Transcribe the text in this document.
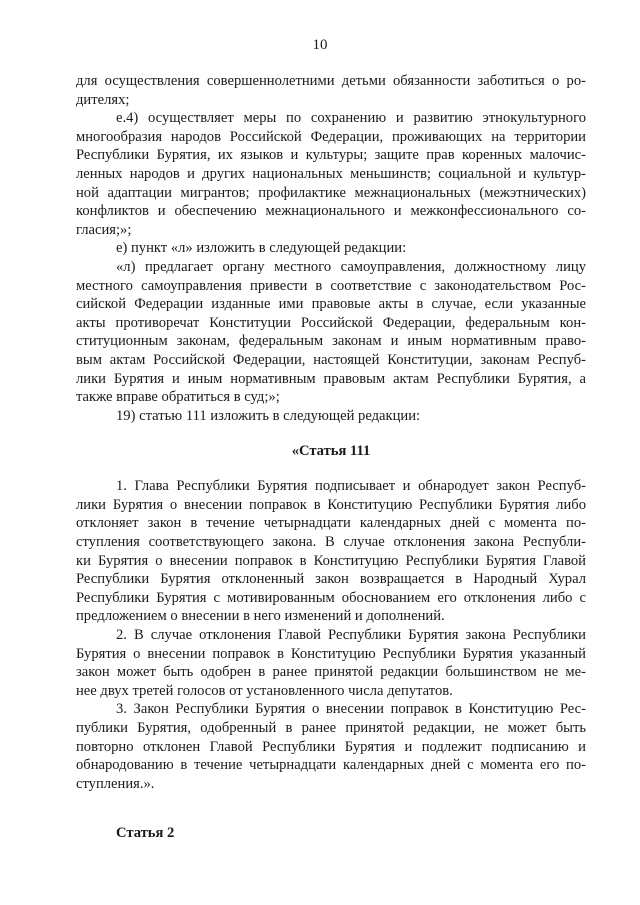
10
для осуществления совершеннолетними детьми обязанности заботиться о ро-
дителях;
е.4) осуществляет меры по сохранению и развитию этнокультурного
многообразия народов Российской Федерации, проживающих на территории
Республики Бурятия, их языков и культуры; защите прав коренных малочис-
ленных народов и других национальных меньшинств; социальной и культур-
ной адаптации мигрантов; профилактике межнациональных (межэтнических)
конфликтов и обеспечению межнационального и межконфессионального со-
гласия;»;
е) пункт «л» изложить в следующей редакции:
«л) предлагает органу местного самоуправления, должностному лицу
местного самоуправления привести в соответствие с законодательством Рос-
сийской Федерации изданные ими правовые акты в случае, если указанные
акты противоречат Конституции Российской Федерации, федеральным кон-
ституционным законам, федеральным законам и иным нормативным право-
вым актам Российской Федерации, настоящей Конституции, законам Респуб-
лики Бурятия и иным нормативным правовым актам Республики Бурятия, а
также вправе обратиться в суд;»;
19) статью 111 изложить в следующей редакции:
«Статья 111
1. Глава Республики Бурятия подписывает и обнародует закон Респуб-
лики Бурятия о внесении поправок в Конституцию Республики Бурятия либо
отклоняет закон в течение четырнадцати календарных дней с момента по-
ступления соответствующего закона. В случае отклонения закона Республи-
ки Бурятия о внесении поправок в Конституцию Республики Бурятия Главой
Республики Бурятия отклоненный закон возвращается в Народный Хурал
Республики Бурятия с мотивированным обоснованием его отклонения либо с
предложением о внесении в него изменений и дополнений.
2. В случае отклонения Главой Республики Бурятия закона Республики
Бурятия о внесении поправок в Конституцию Республики Бурятия указанный
закон может быть одобрен в ранее принятой редакции большинством не ме-
нее двух третей голосов от установленного числа депутатов.
3. Закон Республики Бурятия о внесении поправок в Конституцию Рес-
публики Бурятия, одобренный в ранее принятой редакции, не может быть
повторно отклонен Главой Республики Бурятия и подлежит подписанию и
обнародованию в течение четырнадцати календарных дней с момента его по-
ступления.».
Статья 2
